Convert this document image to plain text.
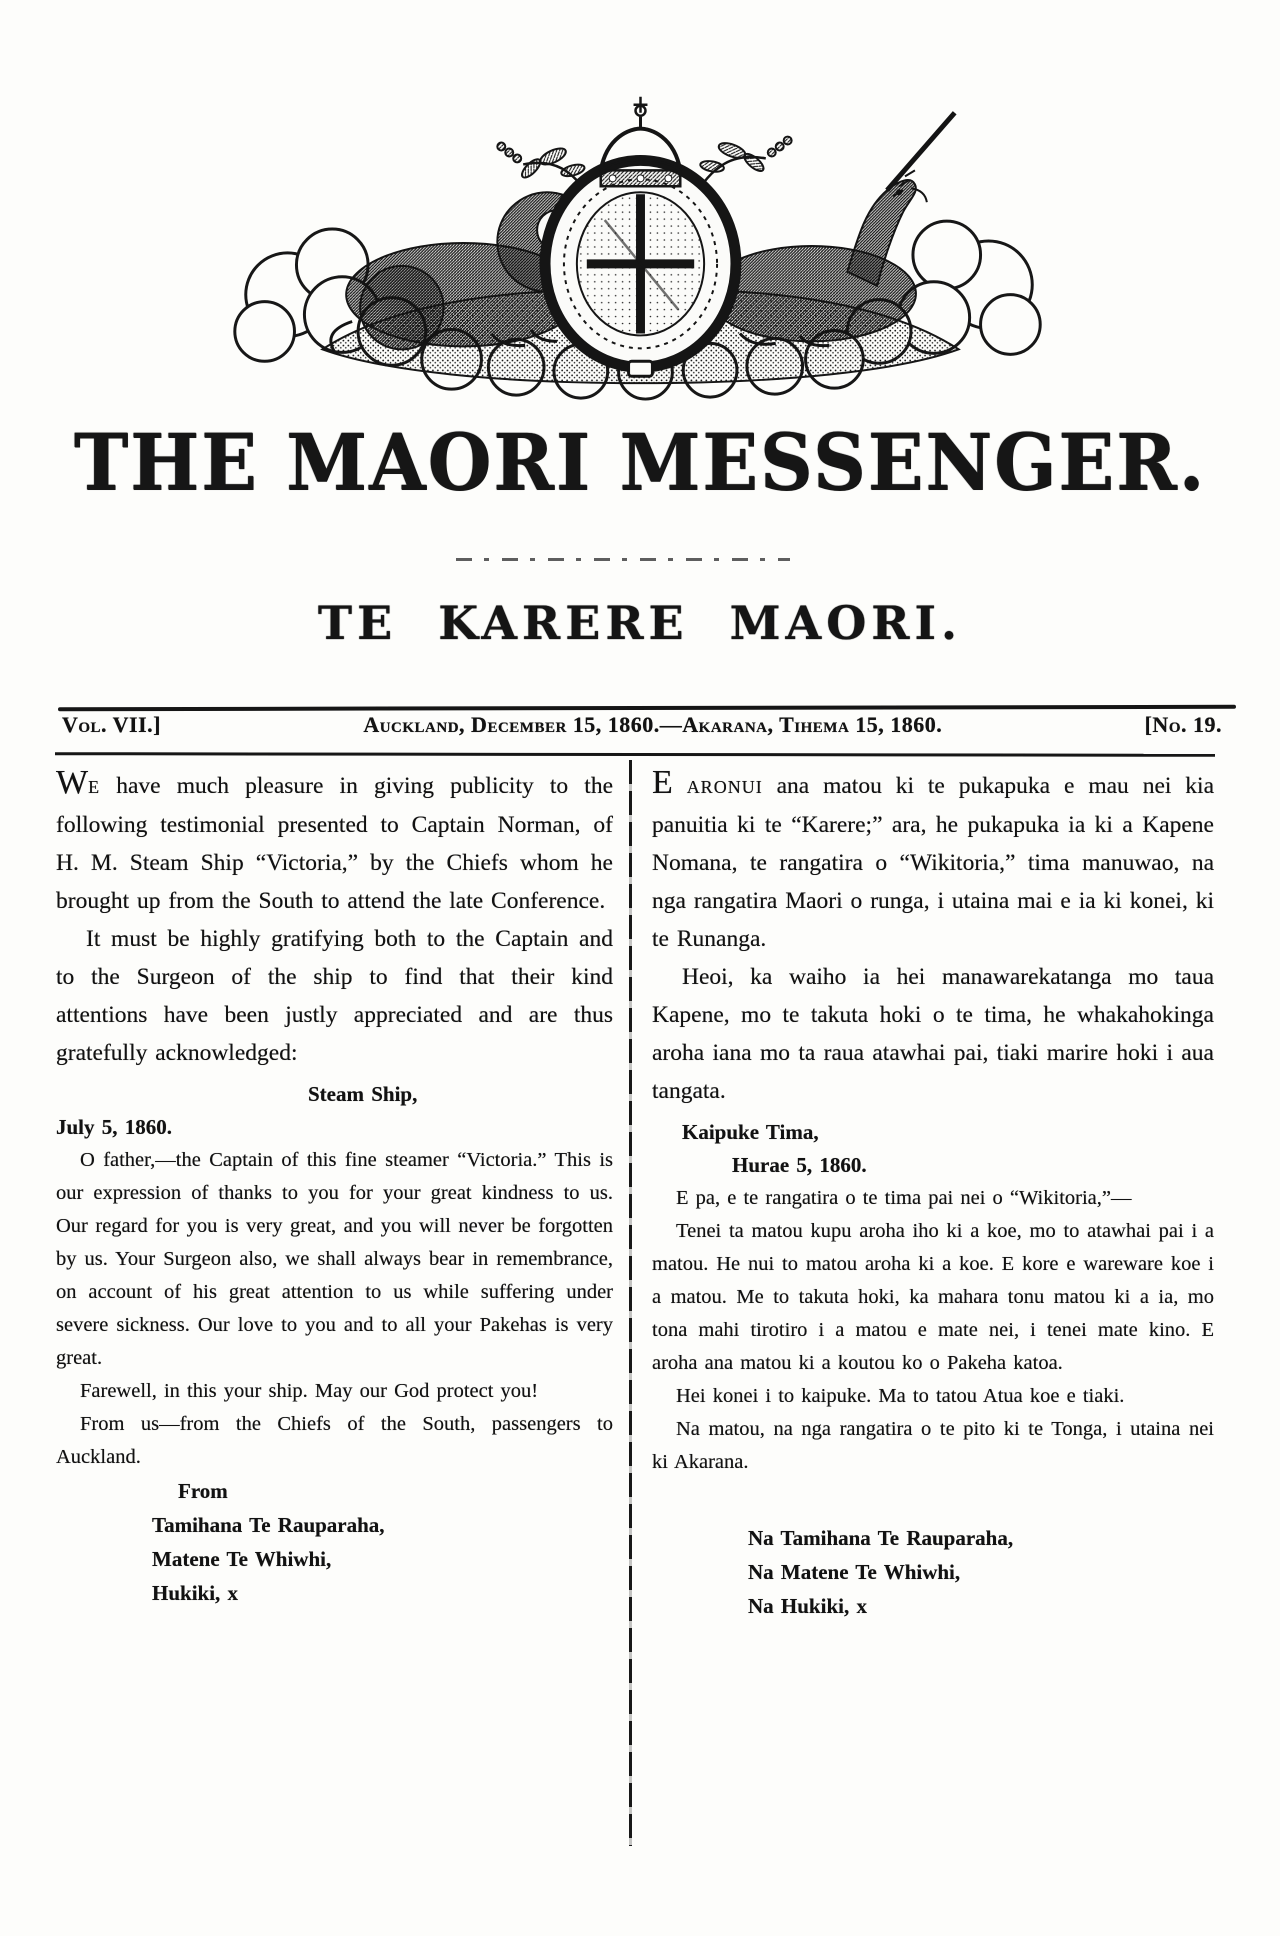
THE MAORI MESSENGER.
TE KARERE MAORI.
Vol. VII.]	Auckland, December 15, 1860.—Akarana, Tihema 15, 1860.	[No. 19.

WE have much pleasure in giving publicity to the following testimonial presented to Captain Norman, of H. M. Steam Ship “Victoria,” by the Chiefs whom he brought up from the South to attend the late Conference.

It must be highly gratifying both to the Captain and to the Surgeon of the ship to find that their kind attentions have been justly appreciated and are thus gratefully acknowledged:

Steam Ship,

July 5, 1860.

O father,—the Captain of this fine steamer “Victoria.” This is our expression of thanks to you for your great kindness to us. Our regard for you is very great, and you will never be forgotten by us. Your Surgeon also, we shall always bear in remembrance, on account of his great attention to us while suffering under severe sickness. Our love to you and to all your Pakehas is very great.

Farewell, in this your ship. May our God protect you!

From us—from the Chiefs of the South, passengers to Auckland.

From

Tamihana Te Rauparaha,

Matene Te Whiwhi,

Hukiki, x

E ARONUI ana matou ki te pukapuka e mau nei kia panuitia ki te “Karere;” ara, he pukapuka ia ki a Kapene Nomana, te rangatira o “Wikitoria,” tima manuwao, na nga rangatira Maori o runga, i utaina mai e ia ki konei, ki te Runanga.

Heoi, ka waiho ia hei manawarekatanga mo taua Kapene, mo te takuta hoki o te tima, he whakahokinga aroha iana mo ta raua atawhai pai, tiaki marire hoki i aua tangata.

Kaipuke Tima,

Hurae 5, 1860.

E pa, e te rangatira o te tima pai nei o “Wikitoria,”—

Tenei ta matou kupu aroha iho ki a koe, mo to atawhai pai i a matou. He nui to matou aroha ki a koe. E kore e wareware koe i a matou. Me to takuta hoki, ka mahara tonu matou ki a ia, mo tona mahi tirotiro i a matou e mate nei, i tenei mate kino. E aroha ana matou ki a koutou ko o Pakeha katoa.

Hei konei i to kaipuke. Ma to tatou Atua koe e tiaki.

Na matou, na nga rangatira o te pito ki te Tonga, i utaina nei ki Akarana.

Na Tamihana Te Rauparaha,

Na Matene Te Whiwhi,

Na Hukiki, x
